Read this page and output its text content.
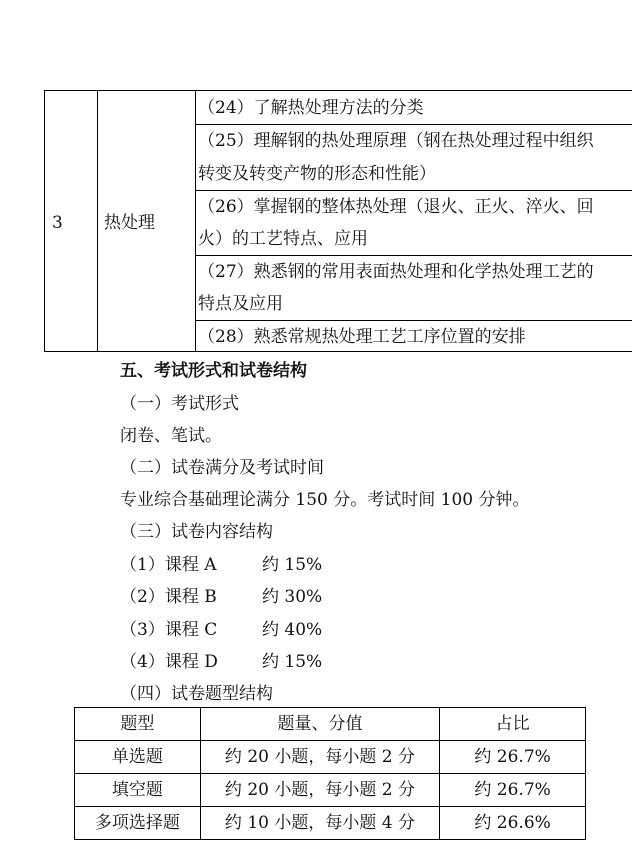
3 热处理
（24）了解热处理方法的分类
（25）理解钢的热处理原理（钢在热处理过程中组织
转变及转变产物的形态和性能）
（26）掌握钢的整体热处理（退火、正火、淬火、回
火）的工艺特点、应用
（27）熟悉钢的常用表面热处理和化学热处理工艺的
特点及应用
（28）熟悉常规热处理工艺工序位置的安排
五、考试形式和试卷结构
（一）考试形式
闭卷、笔试。
（二）试卷满分及考试时间
专业综合基础理论满分 150 分。考试时间 100 分钟。
（三）试卷内容结构
（1）课程 A	约 15%
（2）课程 B	约 30%
（3）课程 C	约 40%
（4）课程 D	约 15%
（四）试卷题型结构
题型	题量、分值	占比
单选题	约 20 小题，每小题 2 分	约 26.7%
填空题	约 20 小题，每小题 2 分	约 26.7%
多项选择题	约 10 小题，每小题 4 分	约 26.6%
